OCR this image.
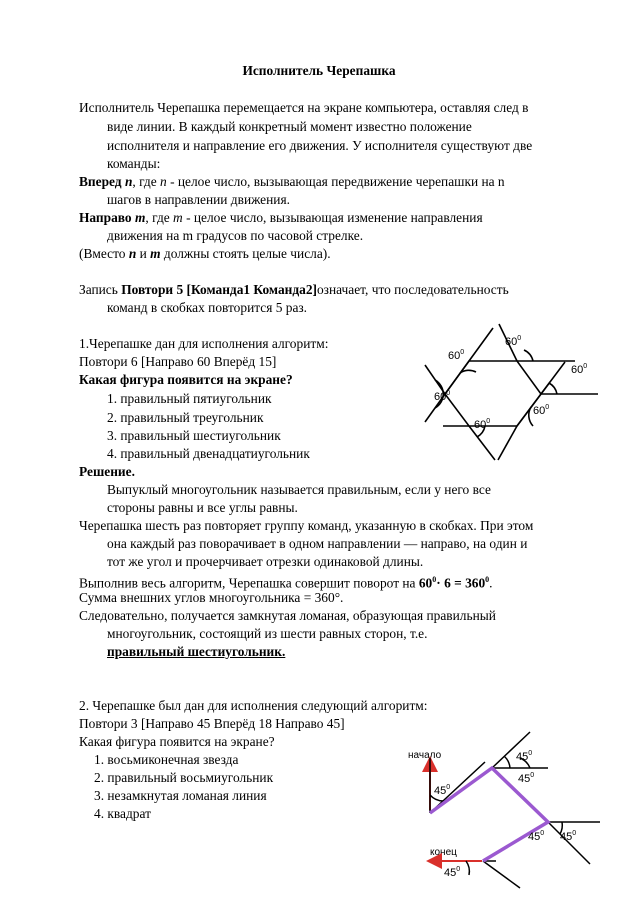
Исполнитель Черепашка
Исполнитель Черепашка перемещается на экране компьютера, оставляя след в
виде линии. В каждый конкретный момент известно положение
исполнителя и направление его движения. У исполнителя существуют две
команды:
Вперед n, где n - целое число, вызывающая передвижение черепашки на n
шагов в направлении движения.
Направо m, где m - целое число, вызывающая изменение направления
движения на m градусов по часовой стрелке.
(Вместо n и m должны стоять целые числа).
Запись Повтори 5 [Команда1 Команда2]означает, что последовательность
команд в скобках повторится 5 раз.
1.Черепашке дан для исполнения алгоритм:
Повтори 6 [Направо 60 Вперёд 15]
Какая фигура появится на экране?
1. правильный пятиугольник
2. правильный треугольник
3. правильный шестиугольник
4. правильный двенадцатиугольник
$60^0$
$60^0$
$60^0$
$60^0$
$60^0$
$60^0$
Решение.
Выпуклый многоугольник называется правильным, если у него все
стороны равны и все углы равны.
Черепашка шесть раз повторяет группу команд, указанную в скобках. При этом
она каждый раз поворачивает в одном направлении — направо, на один и
тот же угол и прочерчивает отрезки одинаковой длины.
Выполнив весь алгоритм, Черепашка совершит поворот на $60^0\cdot 6 = 360^0$.
Сумма внешних углов многоугольника = 360°.
Следовательно, получается замкнутая ломаная, образующая правильный
многоугольник, состоящий из шести равных сторон, т.е.
правильный шестиугольник.
2. Черепашке был дан для исполнения следующий алгоритм:
Повтори 3 [Направо 45 Вперёд 18 Направо 45]
Какая фигура появится на экране?
1. восьмиконечная звезда
2. правильный восьмиугольник
3. незамкнутая ломаная линия
4. квадрат
начало
конец
$45^0$
$45^0$
$45^0$
$45^0$ $45^0$
$45^0$
